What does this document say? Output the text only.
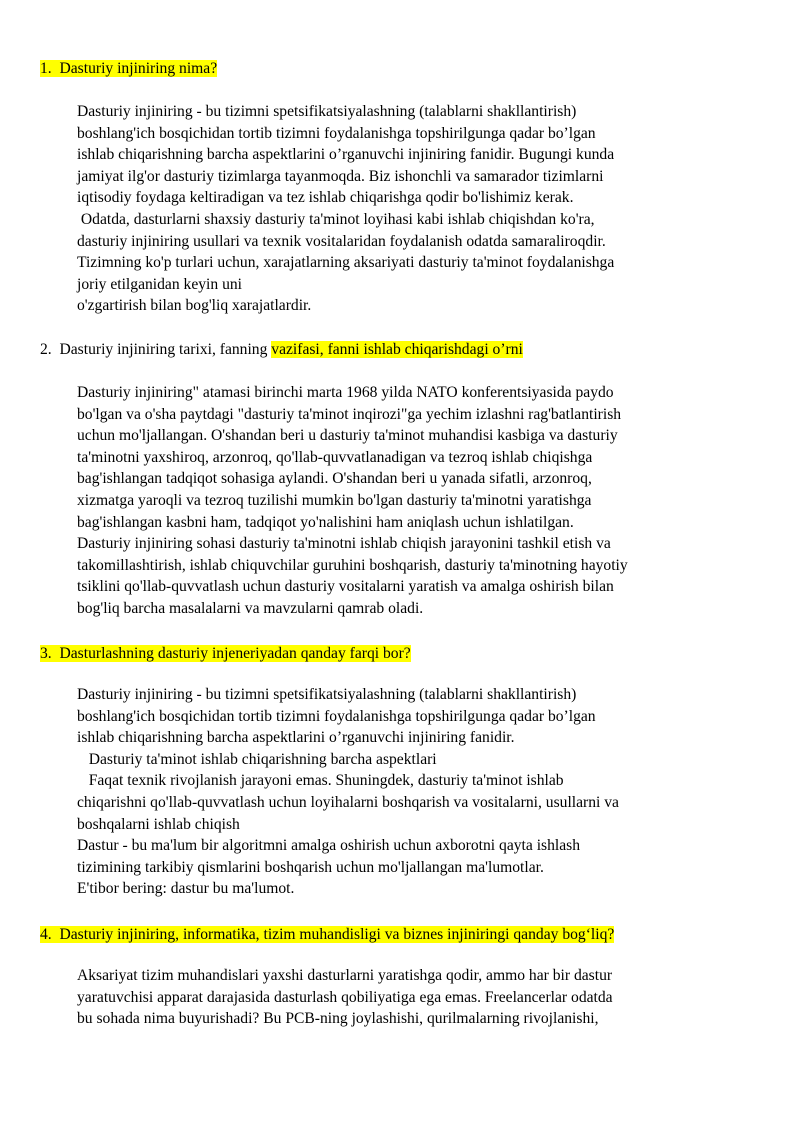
1. Dasturiy injiniring nima?
Dasturiy injiniring - bu tizimni spetsifikatsiyalashning (talablarni shakllantirish)
boshlang'ich bosqichidan tortib tizimni foydalanishga topshirilgunga qadar bo’lgan
ishlab chiqarishning barcha aspektlarini o’rganuvchi injiniring fanidir. Bugungi kunda
jamiyat ilg'or dasturiy tizimlarga tayanmoqda. Biz ishonchli va samarador tizimlarni
iqtisodiy foydaga keltiradigan va tez ishlab chiqarishga qodir bo'lishimiz kerak.
Odatda, dasturlarni shaxsiy dasturiy ta'minot loyihasi kabi ishlab chiqishdan ko'ra,
dasturiy injiniring usullari va texnik vositalaridan foydalanish odatda samaraliroqdir.
Tizimning ko'p turlari uchun, xarajatlarning aksariyati dasturiy ta'minot foydalanishga
joriy etilganidan keyin uni
o'zgartirish bilan bog'liq xarajatlardir.
2. Dasturiy injiniring tarixi, fanning vazifasi, fanni ishlab chiqarishdagi o’rni
Dasturiy injiniring" atamasi birinchi marta 1968 yilda NATO konferentsiyasida paydo
bo'lgan va o'sha paytdagi "dasturiy ta'minot inqirozi"ga yechim izlashni rag'batlantirish
uchun mo'ljallangan. O'shandan beri u dasturiy ta'minot muhandisi kasbiga va dasturiy
ta'minotni yaxshiroq, arzonroq, qo'llab-quvvatlanadigan va tezroq ishlab chiqishga
bag'ishlangan tadqiqot sohasiga aylandi. O'shandan beri u yanada sifatli, arzonroq,
xizmatga yaroqli va tezroq tuzilishi mumkin bo'lgan dasturiy ta'minotni yaratishga
bag'ishlangan kasbni ham, tadqiqot yo'nalishini ham aniqlash uchun ishlatilgan.
Dasturiy injiniring sohasi dasturiy ta'minotni ishlab chiqish jarayonini tashkil etish va
takomillashtirish, ishlab chiquvchilar guruhini boshqarish, dasturiy ta'minotning hayotiy
tsiklini qo'llab-quvvatlash uchun dasturiy vositalarni yaratish va amalga oshirish bilan
bog'liq barcha masalalarni va mavzularni qamrab oladi.
3. Dasturlashning dasturiy injeneriyadan qanday farqi bor?
Dasturiy injiniring - bu tizimni spetsifikatsiyalashning (talablarni shakllantirish)
boshlang'ich bosqichidan tortib tizimni foydalanishga topshirilgunga qadar bo’lgan
ishlab chiqarishning barcha aspektlarini o’rganuvchi injiniring fanidir.
Dasturiy ta'minot ishlab chiqarishning barcha aspektlari
Faqat texnik rivojlanish jarayoni emas. Shuningdek, dasturiy ta'minot ishlab
chiqarishni qo'llab-quvvatlash uchun loyihalarni boshqarish va vositalarni, usullarni va
boshqalarni ishlab chiqish
Dastur - bu ma'lum bir algoritmni amalga oshirish uchun axborotni qayta ishlash
tizimining tarkibiy qismlarini boshqarish uchun mo'ljallangan ma'lumotlar.
E'tibor bering: dastur bu ma'lumot.
4. Dasturiy injiniring, informatika, tizim muhandisligi va biznes injiniringi qanday bog‘liq?
Aksariyat tizim muhandislari yaxshi dasturlarni yaratishga qodir, ammo har bir dastur
yaratuvchisi apparat darajasida dasturlash qobiliyatiga ega emas. Freelancerlar odatda
bu sohada nima buyurishadi? Bu PCB-ning joylashishi, qurilmalarning rivojlanishi,
